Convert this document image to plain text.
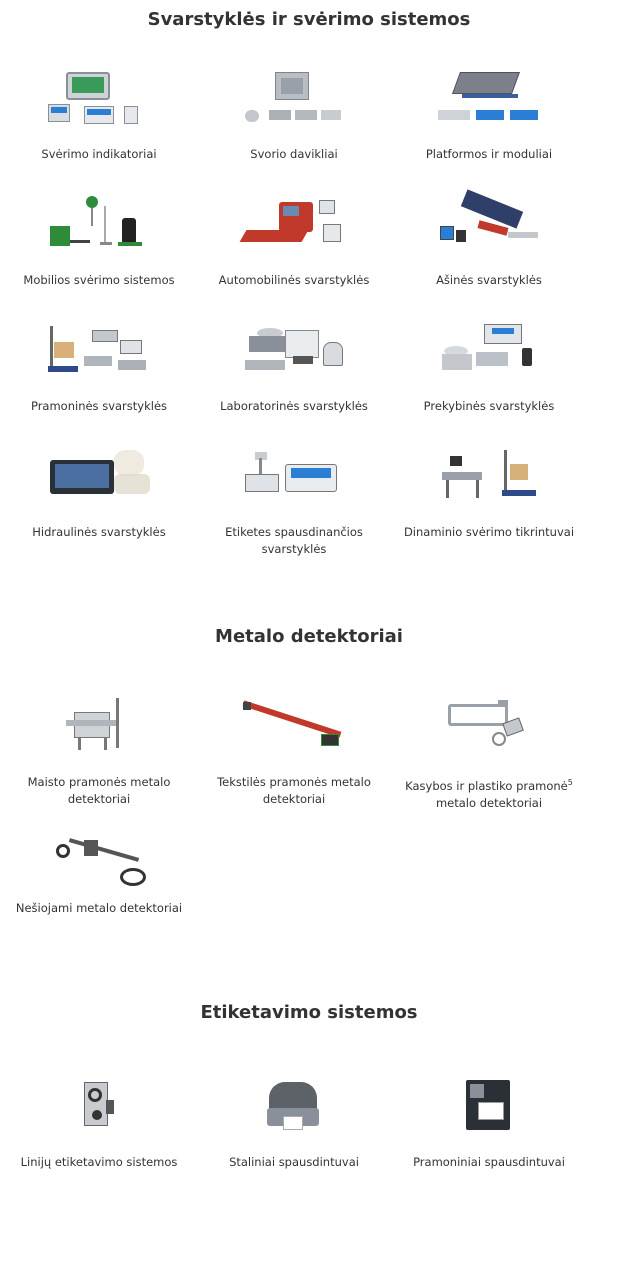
Svarstyklės ir svėrimo sistemos
Svėrimo indikatoriai	Svorio davikliai	Platformos ir moduliai
Mobilios svėrimo sistemos	Automobilinės svarstyklės	Ašinės svarstyklės
Pramoninės svarstyklės	Laboratorinės svarstyklės	Prekybinės svarstyklės
Hidraulinės svarstyklės	Etiketes spausdinančios svarstyklės
Dinaminio svėrimo tikrintuvai
Metalo detektoriai
Maisto pramonės metalo detektoriai
Tekstilės pramonės metalo detektoriai
Kasybos ir plastiko pramonė$^5$
metalo detektoriai
Nešiojami metalo detektoriai
Etiketavimo sistemos
Linijų etiketavimo sistemos	Staliniai spausdintuvai	Pramoniniai spausdintuvai
